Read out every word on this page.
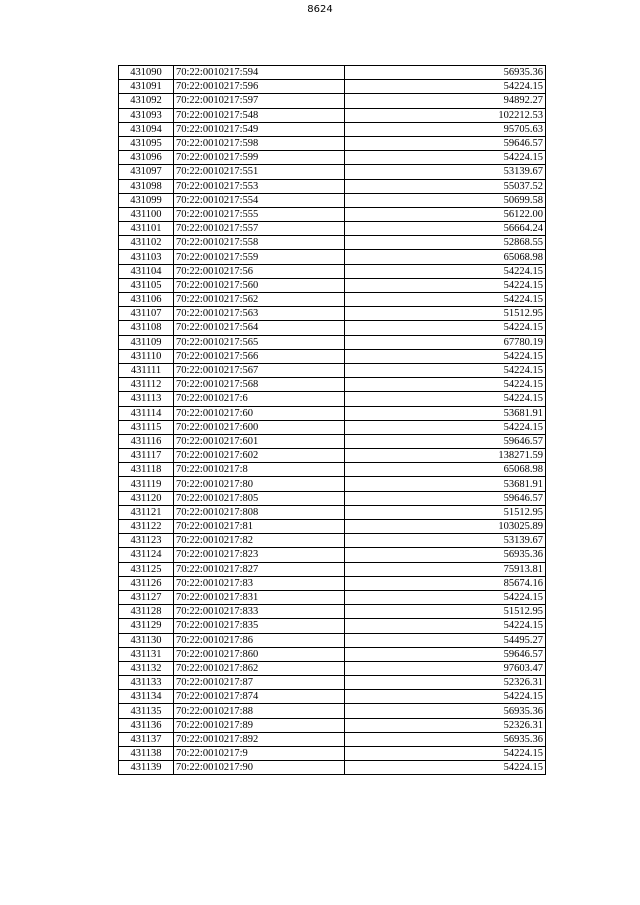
8624
431090	70:22:0010217:594	56935.36
431091	70:22:0010217:596	54224.15
431092	70:22:0010217:597	94892.27
431093	70:22:0010217:548	102212.53
431094	70:22:0010217:549	95705.63
431095	70:22:0010217:598	59646.57
431096	70:22:0010217:599	54224.15
431097	70:22:0010217:551	53139.67
431098	70:22:0010217:553	55037.52
431099	70:22:0010217:554	50699.58
431100	70:22:0010217:555	56122.00
431101	70:22:0010217:557	56664.24
431102	70:22:0010217:558	52868.55
431103	70:22:0010217:559	65068.98
431104	70:22:0010217:56	54224.15
431105	70:22:0010217:560	54224.15
431106	70:22:0010217:562	54224.15
431107	70:22:0010217:563	51512.95
431108	70:22:0010217:564	54224.15
431109	70:22:0010217:565	67780.19
431110	70:22:0010217:566	54224.15
431111	70:22:0010217:567	54224.15
431112	70:22:0010217:568	54224.15
431113	70:22:0010217:6	54224.15
431114	70:22:0010217:60	53681.91
431115	70:22:0010217:600	54224.15
431116	70:22:0010217:601	59646.57
431117	70:22:0010217:602	138271.59
431118	70:22:0010217:8	65068.98
431119	70:22:0010217:80	53681.91
431120	70:22:0010217:805	59646.57
431121	70:22:0010217:808	51512.95
431122	70:22:0010217:81	103025.89
431123	70:22:0010217:82	53139.67
431124	70:22:0010217:823	56935.36
431125	70:22:0010217:827	75913.81
431126	70:22:0010217:83	85674.16
431127	70:22:0010217:831	54224.15
431128	70:22:0010217:833	51512.95
431129	70:22:0010217:835	54224.15
431130	70:22:0010217:86	54495.27
431131	70:22:0010217:860	59646.57
431132	70:22:0010217:862	97603.47
431133	70:22:0010217:87	52326.31
431134	70:22:0010217:874	54224.15
431135	70:22:0010217:88	56935.36
431136	70:22:0010217:89	52326.31
431137	70:22:0010217:892	56935.36
431138	70:22:0010217:9	54224.15
431139	70:22:0010217:90	54224.15
